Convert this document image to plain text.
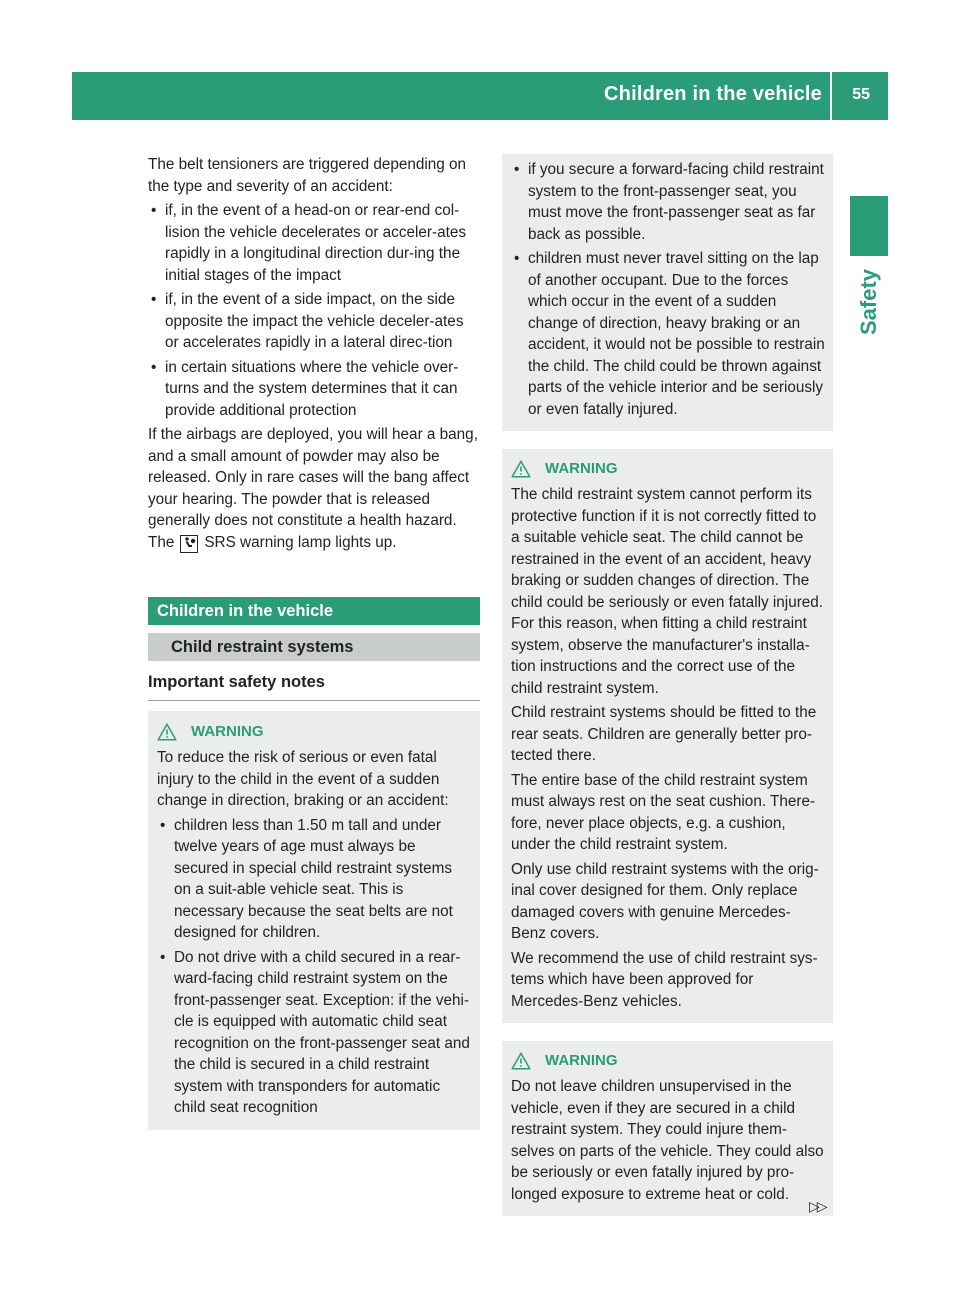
Children in the vehicle 55
Safety
The belt tensioners are triggered depending on the type and severity of an accident:
• if, in the event of a head-on or rear-end col-lision the vehicle decelerates or acceler-ates rapidly in a longitudinal direction dur-ing the initial stages of the impact
• if, in the event of a side impact, on the side opposite the impact the vehicle deceler-ates or accelerates rapidly in a lateral direc-tion
• in certain situations where the vehicle over-turns and the system determines that it can provide additional protection
If the airbags are deployed, you will hear a bang, and a small amount of powder may also be released. Only in rare cases will the bang affect your hearing. The powder that is released generally does not constitute a health hazard. The SRS warning lamp lights up.
Children in the vehicle
Child restraint systems
Important safety notes
WARNING
To reduce the risk of serious or even fatal injury to the child in the event of a sudden change in direction, braking or an accident:
• children less than 1.50 m tall and under twelve years of age must always be secured in special child restraint systems on a suit-able vehicle seat. This is necessary because the seat belts are not designed for children.
• Do not drive with a child secured in a rear-ward-facing child restraint system on the front-passenger seat. Exception: if the vehi-cle is equipped with automatic child seat recognition on the front-passenger seat and the child is secured in a child restraint system with transponders for automatic child seat recognition
• if you secure a forward-facing child restraint system to the front-passenger seat, you must move the front-passenger seat as far back as possible.
• children must never travel sitting on the lap of another occupant. Due to the forces which occur in the event of a sudden change of direction, heavy braking or an accident, it would not be possible to restrain the child. The child could be thrown against parts of the vehicle interior and be seriously or even fatally injured.
WARNING
The child restraint system cannot perform its protective function if it is not correctly fitted to a suitable vehicle seat. The child cannot be restrained in the event of an accident, heavy braking or sudden changes of direction. The child could be seriously or even fatally injured. For this reason, when fitting a child restraint system, observe the manufacturer's installa-tion instructions and the correct use of the child restraint system.
Child restraint systems should be fitted to the rear seats. Children are generally better pro-tected there.
The entire base of the child restraint system must always rest on the seat cushion. There-fore, never place objects, e.g. a cushion, under the child restraint system.
Only use child restraint systems with the orig-inal cover designed for them. Only replace damaged covers with genuine Mercedes-Benz covers.
We recommend the use of child restraint sys-tems which have been approved for Mercedes-Benz vehicles.
WARNING
Do not leave children unsupervised in the vehicle, even if they are secured in a child restraint system. They could injure them-selves on parts of the vehicle. They could also be seriously or even fatally injured by pro-longed exposure to extreme heat or cold.
▷▷
